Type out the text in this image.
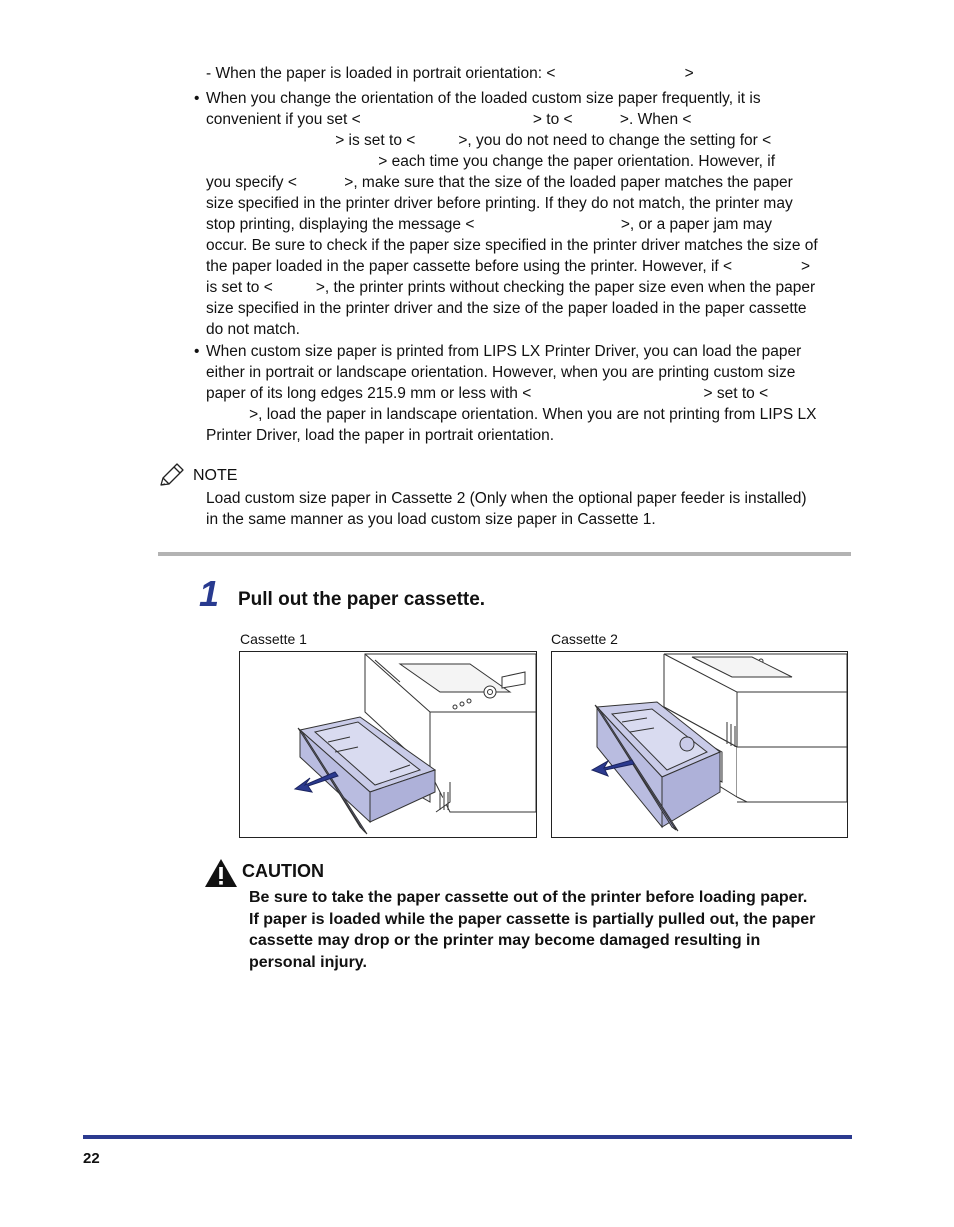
- When the paper is loaded in portrait orientation: <                              >
• When you change the orientation of the loaded custom size paper frequently, it is
convenient if you set <                                        > to <           >. When <
> is set to <          >, you do not need to change the setting for <
> each time you change the paper orientation. However, if
you specify <           >, make sure that the size of the loaded paper matches the paper
size specified in the printer driver before printing. If they do not match, the printer may
stop printing, displaying the message <                                  >, or a paper jam may
occur. Be sure to check if the paper size specified in the printer driver matches the size of
the paper loaded in the paper cassette before using the printer. However, if <                >
is set to <          >, the printer prints without checking the paper size even when the paper
size specified in the printer driver and the size of the paper loaded in the paper cassette
do not match.
• When custom size paper is printed from LIPS LX Printer Driver, you can load the paper
either in portrait or landscape orientation. However, when you are printing custom size
paper of its long edges 215.9 mm or less with <                                        > set to <
>, load the paper in landscape orientation. When you are not printing from LIPS LX
Printer Driver, load the paper in portrait orientation.
NOTE
Load custom size paper in Cassette 2 (Only when the optional paper feeder is installed)
in the same manner as you load custom size paper in Cassette 1.
1 Pull out the paper cassette.
Cassette 1	Cassette 2
CAUTION
Be sure to take the paper cassette out of the printer before loading paper.
If paper is loaded while the paper cassette is partially pulled out, the paper
cassette may drop or the printer may become damaged resulting in
personal injury.
22
